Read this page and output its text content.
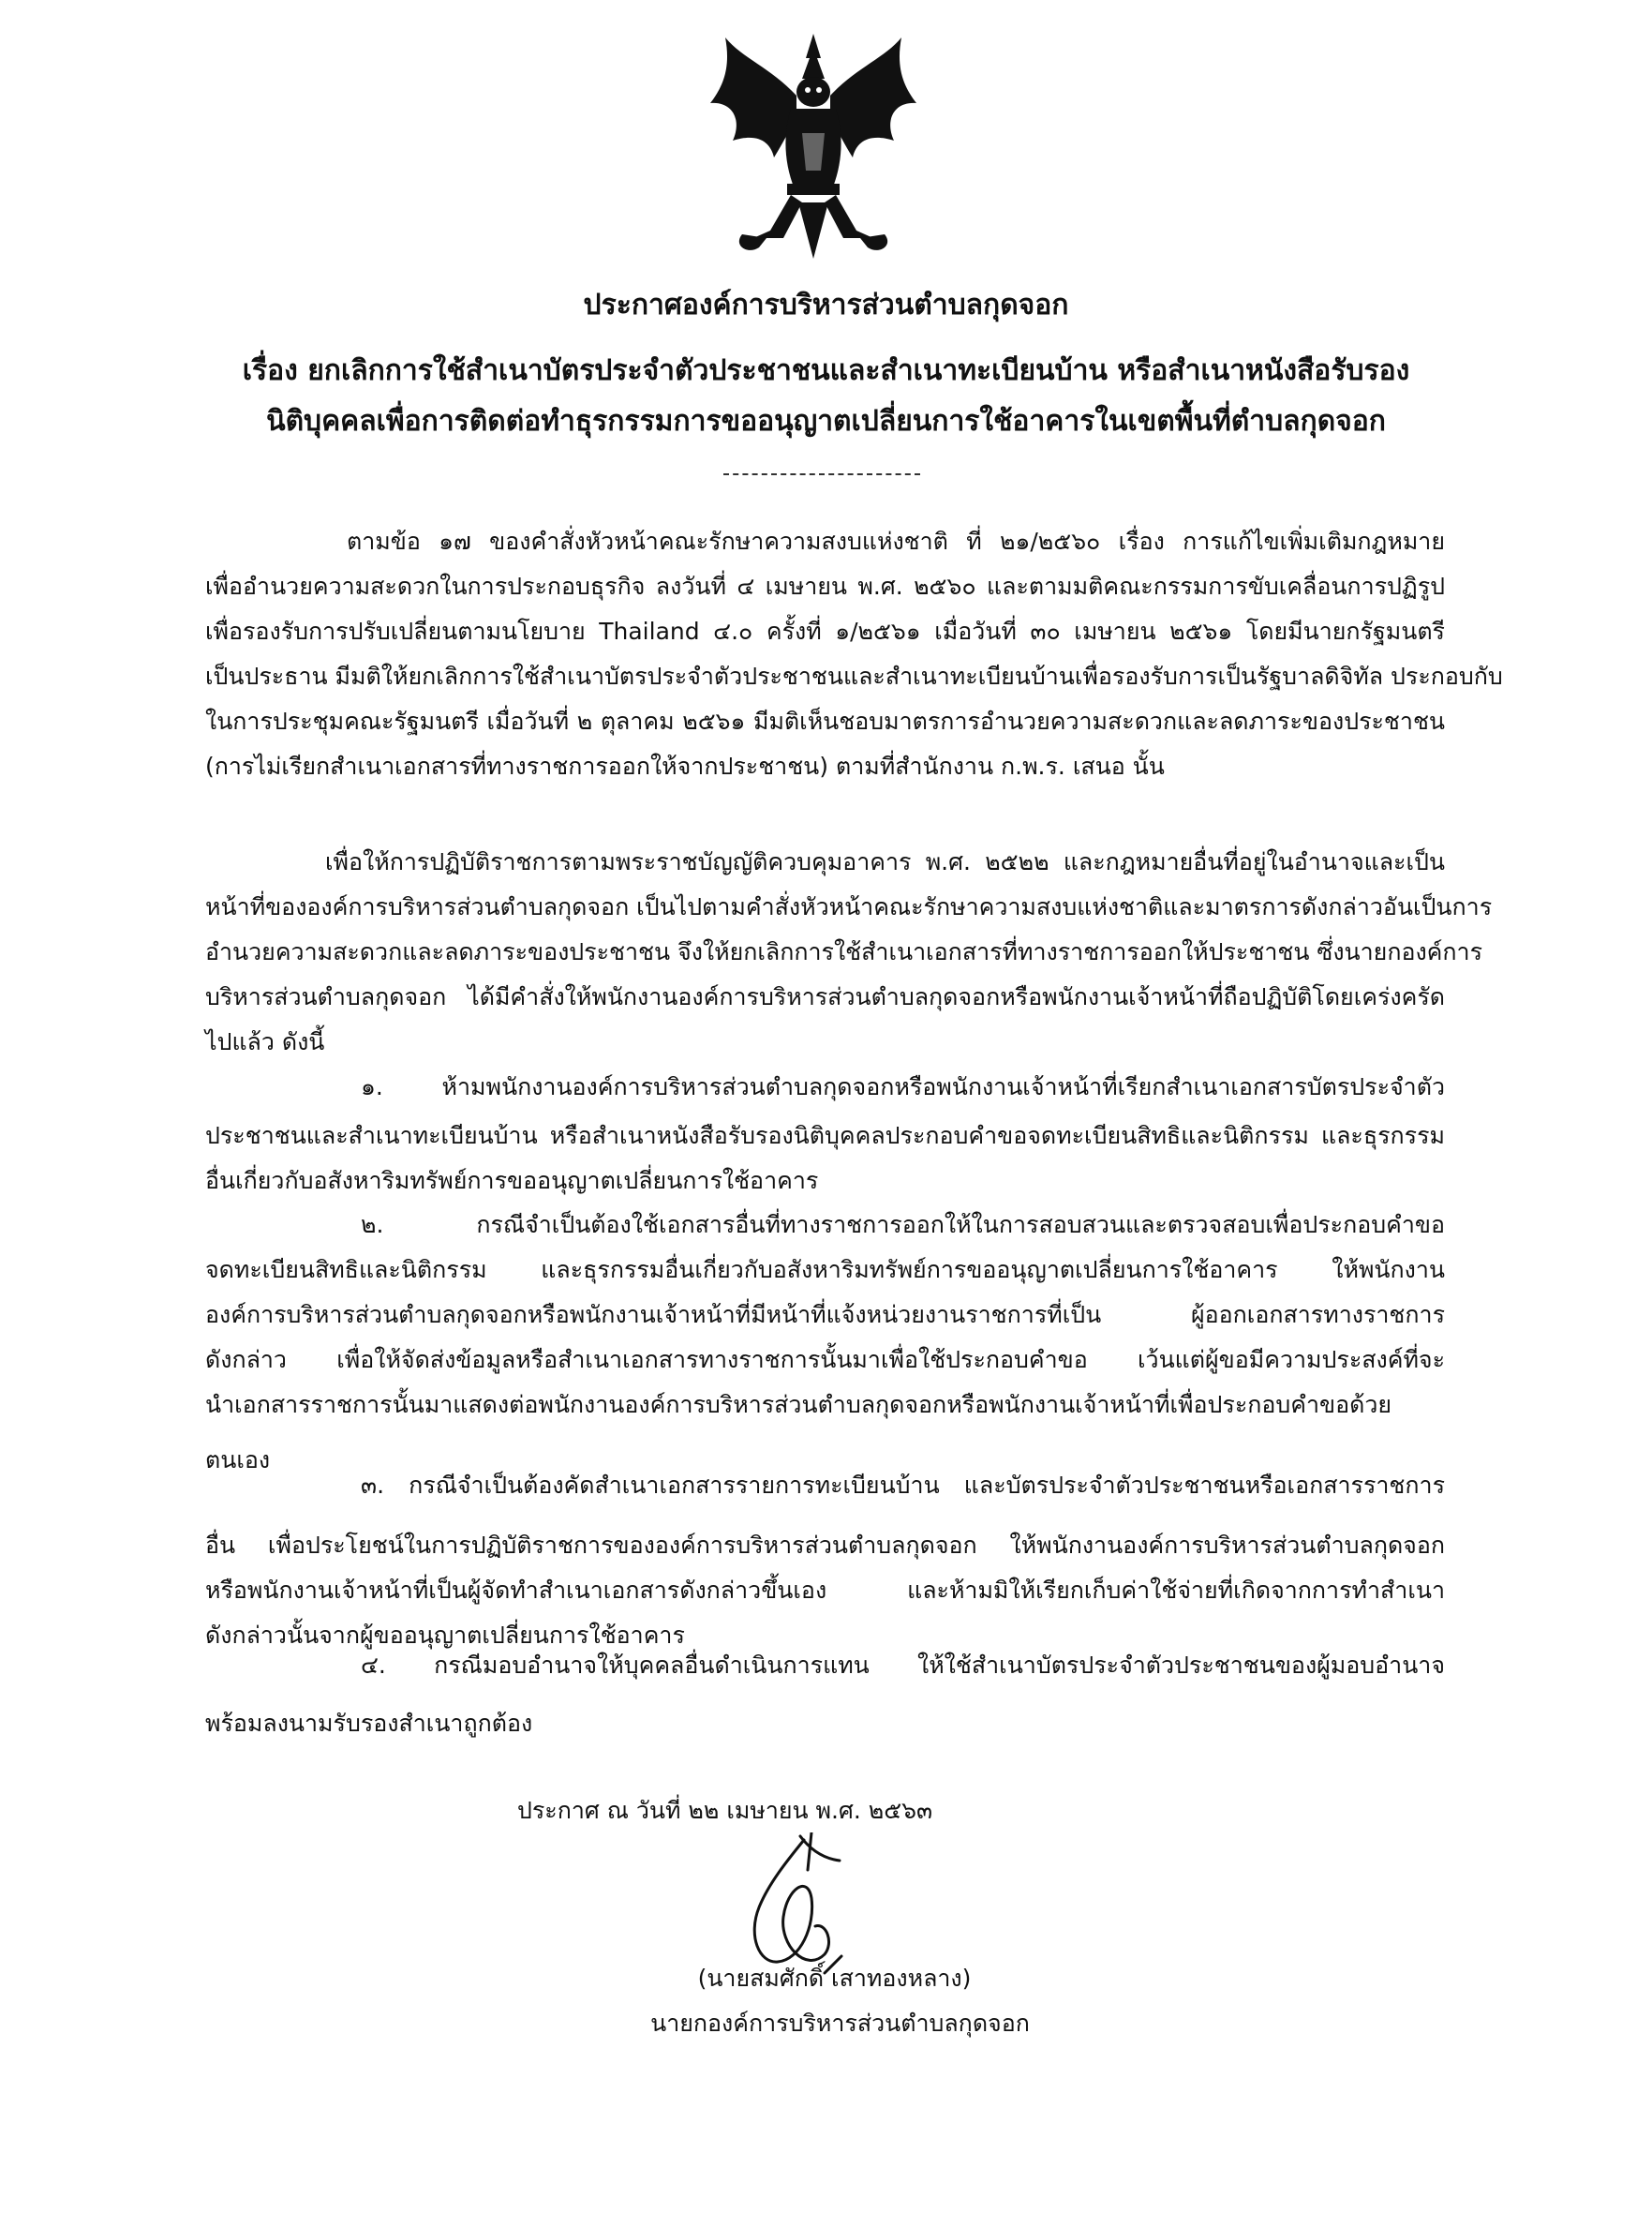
ประกาศองค์การบริหารส่วนตำบลกุดจอก
เรื่อง ยกเลิกการใช้สำเนาบัตรประจำตัวประชาชนและสำเนาทะเบียนบ้าน หรือสำเนาหนังสือรับรอง
นิติบุคคลเพื่อการติดต่อทำธุรกรรมการขออนุญาตเปลี่ยนการใช้อาคารในเขตพื้นที่ตำบลกุดจอก
ตามข้อ ๑๗ ของคำสั่งหัวหน้าคณะรักษาความสงบแห่งชาติ ที่ ๒๑/๒๕๖๐ เรื่อง การแก้ไขเพิ่มเติมกฎหมาย
เพื่ออำนวยความสะดวกในการประกอบธุรกิจ ลงวันที่ ๔ เมษายน พ.ศ. ๒๕๖๐ และตามมติคณะกรรมการขับเคลื่อนการปฏิรูป
เพื่อรองรับการปรับเปลี่ยนตามนโยบาย Thailand ๔.๐ ครั้งที่ ๑/๒๕๖๑ เมื่อวันที่ ๓๐ เมษายน ๒๕๖๑ โดยมีนายกรัฐมนตรี
เป็นประธาน มีมติให้ยกเลิกการใช้สำเนาบัตรประจำตัวประชาชนและสำเนาทะเบียนบ้านเพื่อรองรับการเป็นรัฐบาลดิจิทัล ประกอบกับ
ในการประชุมคณะรัฐมนตรี เมื่อวันที่ ๒ ตุลาคม ๒๕๖๑ มีมติเห็นชอบมาตรการอำนวยความสะดวกและลดภาระของประชาชน
(การไม่เรียกสำเนาเอกสารที่ทางราชการออกให้จากประชาชน) ตามที่สำนักงาน ก.พ.ร. เสนอ นั้น
เพื่อให้การปฏิบัติราชการตามพระราชบัญญัติควบคุมอาคาร พ.ศ. ๒๕๒๒ และกฎหมายอื่นที่อยู่ในอำนาจและเป็น
หน้าที่ขององค์การบริหารส่วนตำบลกุดจอก เป็นไปตามคำสั่งหัวหน้าคณะรักษาความสงบแห่งชาติและมาตรการดังกล่าวอันเป็นการ
อำนวยความสะดวกและลดภาระของประชาชน จึงให้ยกเลิกการใช้สำเนาเอกสารที่ทางราชการออกให้ประชาชน ซึ่งนายกองค์การ
บริหารส่วนตำบลกุดจอก ได้มีคำสั่งให้พนักงานองค์การบริหารส่วนตำบลกุดจอกหรือพนักงานเจ้าหน้าที่ถือปฏิบัติโดยเคร่งครัด
ไปแล้ว ดังนี้
๑. ห้ามพนักงานองค์การบริหารส่วนตำบลกุดจอกหรือพนักงานเจ้าหน้าที่เรียกสำเนาเอกสารบัตรประจำตัว
ประชาชนและสำเนาทะเบียนบ้าน หรือสำเนาหนังสือรับรองนิติบุคคลประกอบคำขอจดทะเบียนสิทธิและนิติกรรม และธุรกรรม
อื่นเกี่ยวกับอสังหาริมทรัพย์การขออนุญาตเปลี่ยนการใช้อาคาร
๒. กรณีจำเป็นต้องใช้เอกสารอื่นที่ทางราชการออกให้ในการสอบสวนและตรวจสอบเพื่อประกอบคำขอ
จดทะเบียนสิทธิและนิติกรรม และธุรกรรมอื่นเกี่ยวกับอสังหาริมทรัพย์การขออนุญาตเปลี่ยนการใช้อาคาร ให้พนักงาน
องค์การบริหารส่วนตำบลกุดจอกหรือพนักงานเจ้าหน้าที่มีหน้าที่แจ้งหน่วยงานราชการที่เป็น ผู้ออกเอกสารทางราชการ
ดังกล่าว เพื่อให้จัดส่งข้อมูลหรือสำเนาเอกสารทางราชการนั้นมาเพื่อใช้ประกอบคำขอ เว้นแต่ผู้ขอมีความประสงค์ที่จะ
นำเอกสารราชการนั้นมาแสดงต่อพนักงานองค์การบริหารส่วนตำบลกุดจอกหรือพนักงานเจ้าหน้าที่เพื่อประกอบคำขอด้วย
ตนเอง
๓. กรณีจำเป็นต้องคัดสำเนาเอกสารรายการทะเบียนบ้าน และบัตรประจำตัวประชาชนหรือเอกสารราชการ
อื่น เพื่อประโยชน์ในการปฏิบัติราชการขององค์การบริหารส่วนตำบลกุดจอก ให้พนักงานองค์การบริหารส่วนตำบลกุดจอก
หรือพนักงานเจ้าหน้าที่เป็นผู้จัดทำสำเนาเอกสารดังกล่าวขึ้นเอง และห้ามมิให้เรียกเก็บค่าใช้จ่ายที่เกิดจากการทำสำเนา
ดังกล่าวนั้นจากผู้ขออนุญาตเปลี่ยนการใช้อาคาร
๔. กรณีมอบอำนาจให้บุคคลอื่นดำเนินการแทน ให้ใช้สำเนาบัตรประจำตัวประชาชนของผู้มอบอำนาจ
พร้อมลงนามรับรองสำเนาถูกต้อง
ประกาศ ณ วันที่ ๒๒ เมษายน พ.ศ. ๒๕๖๓
(นายสมศักดิ์ เสาทองหลาง)
นายกองค์การบริหารส่วนตำบลกุดจอก
